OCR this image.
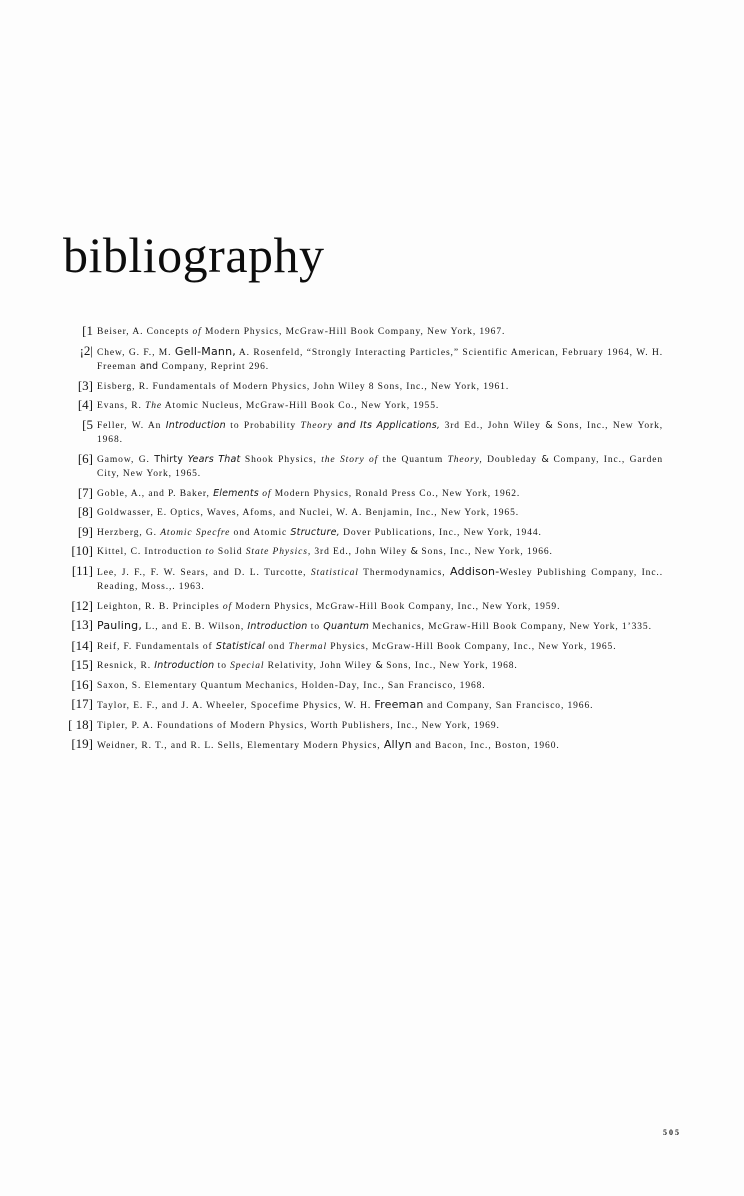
bibliography
[1 Beiser, A. Concepts of Modern Physics, McGraw-Hill Book Company, New York, 1967.
¡2| Chew, G. F., M. Gell-Mann, A. Rosenfeld, “Strongly Interacting Particles,” Scientific American, February 1964, W. H. Freeman and Company, Reprint 296.
[3] Eisberg, R. Fundamentals of Modern Physics, John Wiley 8 Sons, Inc., New York, 1961.
[4] Evans, R. The Atomic Nucleus, McGraw-Hill Book Co., New York, 1955.
[5 Feller, W. An Introduction to Probability Theory and Its Applications, 3rd Ed., John Wiley & Sons, Inc., New York, 1968.
[6] Gamow, G. Thirty Years That Shook Physics, the Story of the Quantum Theory, Doubleday & Company, Inc., Garden City, New York, 1965.
[7] Goble, A., and P. Baker, Elements of Modern Physics, Ronald Press Co., New York, 1962.
[8] Goldwasser, E. Optics, Waves, Afoms, and Nuclei, W. A. Benjamin, Inc., New York, 1965.
[9] Herzberg, G. Atomic Specfre ond Atomic Structure, Dover Publications, Inc., New York, 1944.
[10] Kittel, C. Introduction to Solid State Physics, 3rd Ed., John Wiley & Sons, Inc., New York, 1966.
[11] Lee, J. F., F. W. Sears, and D. L. Turcotte, Statistical Thermodynamics, Addison-Wesley Publishing Company, Inc.. Reading, Moss.,. 1963.
[12] Leighton, R. B. Principles of Modern Physics, McGraw-Hill Book Company, Inc., New York, 1959.
[13] Pauling, L., and E. B. Wilson, Introduction to Quantum Mechanics, McGraw-Hill Book Company, New York, 1’335.
[14] Reif, F. Fundamentals of Statistical ond Thermal Physics, McGraw-Hill Book Company, Inc., New York, 1965.
[15] Resnick, R. Introduction to Special Relativity, John Wiley & Sons, Inc., New York, 1968.
[16] Saxon, S. Elementary Quantum Mechanics, Holden-Day, Inc., San Francisco, 1968.
[17] Taylor, E. F., and J. A. Wheeler, Spocefime Physics, W. H. Freeman and Company, San Francisco, 1966.
[ 18] Tipler, P. A. Foundations of Modern Physics, Worth Publishers, Inc., New York, 1969.
[19] Weidner, R. T., and R. L. Sells, Elementary Modern Physics, Allyn and Bacon, Inc., Boston, 1960.
505
